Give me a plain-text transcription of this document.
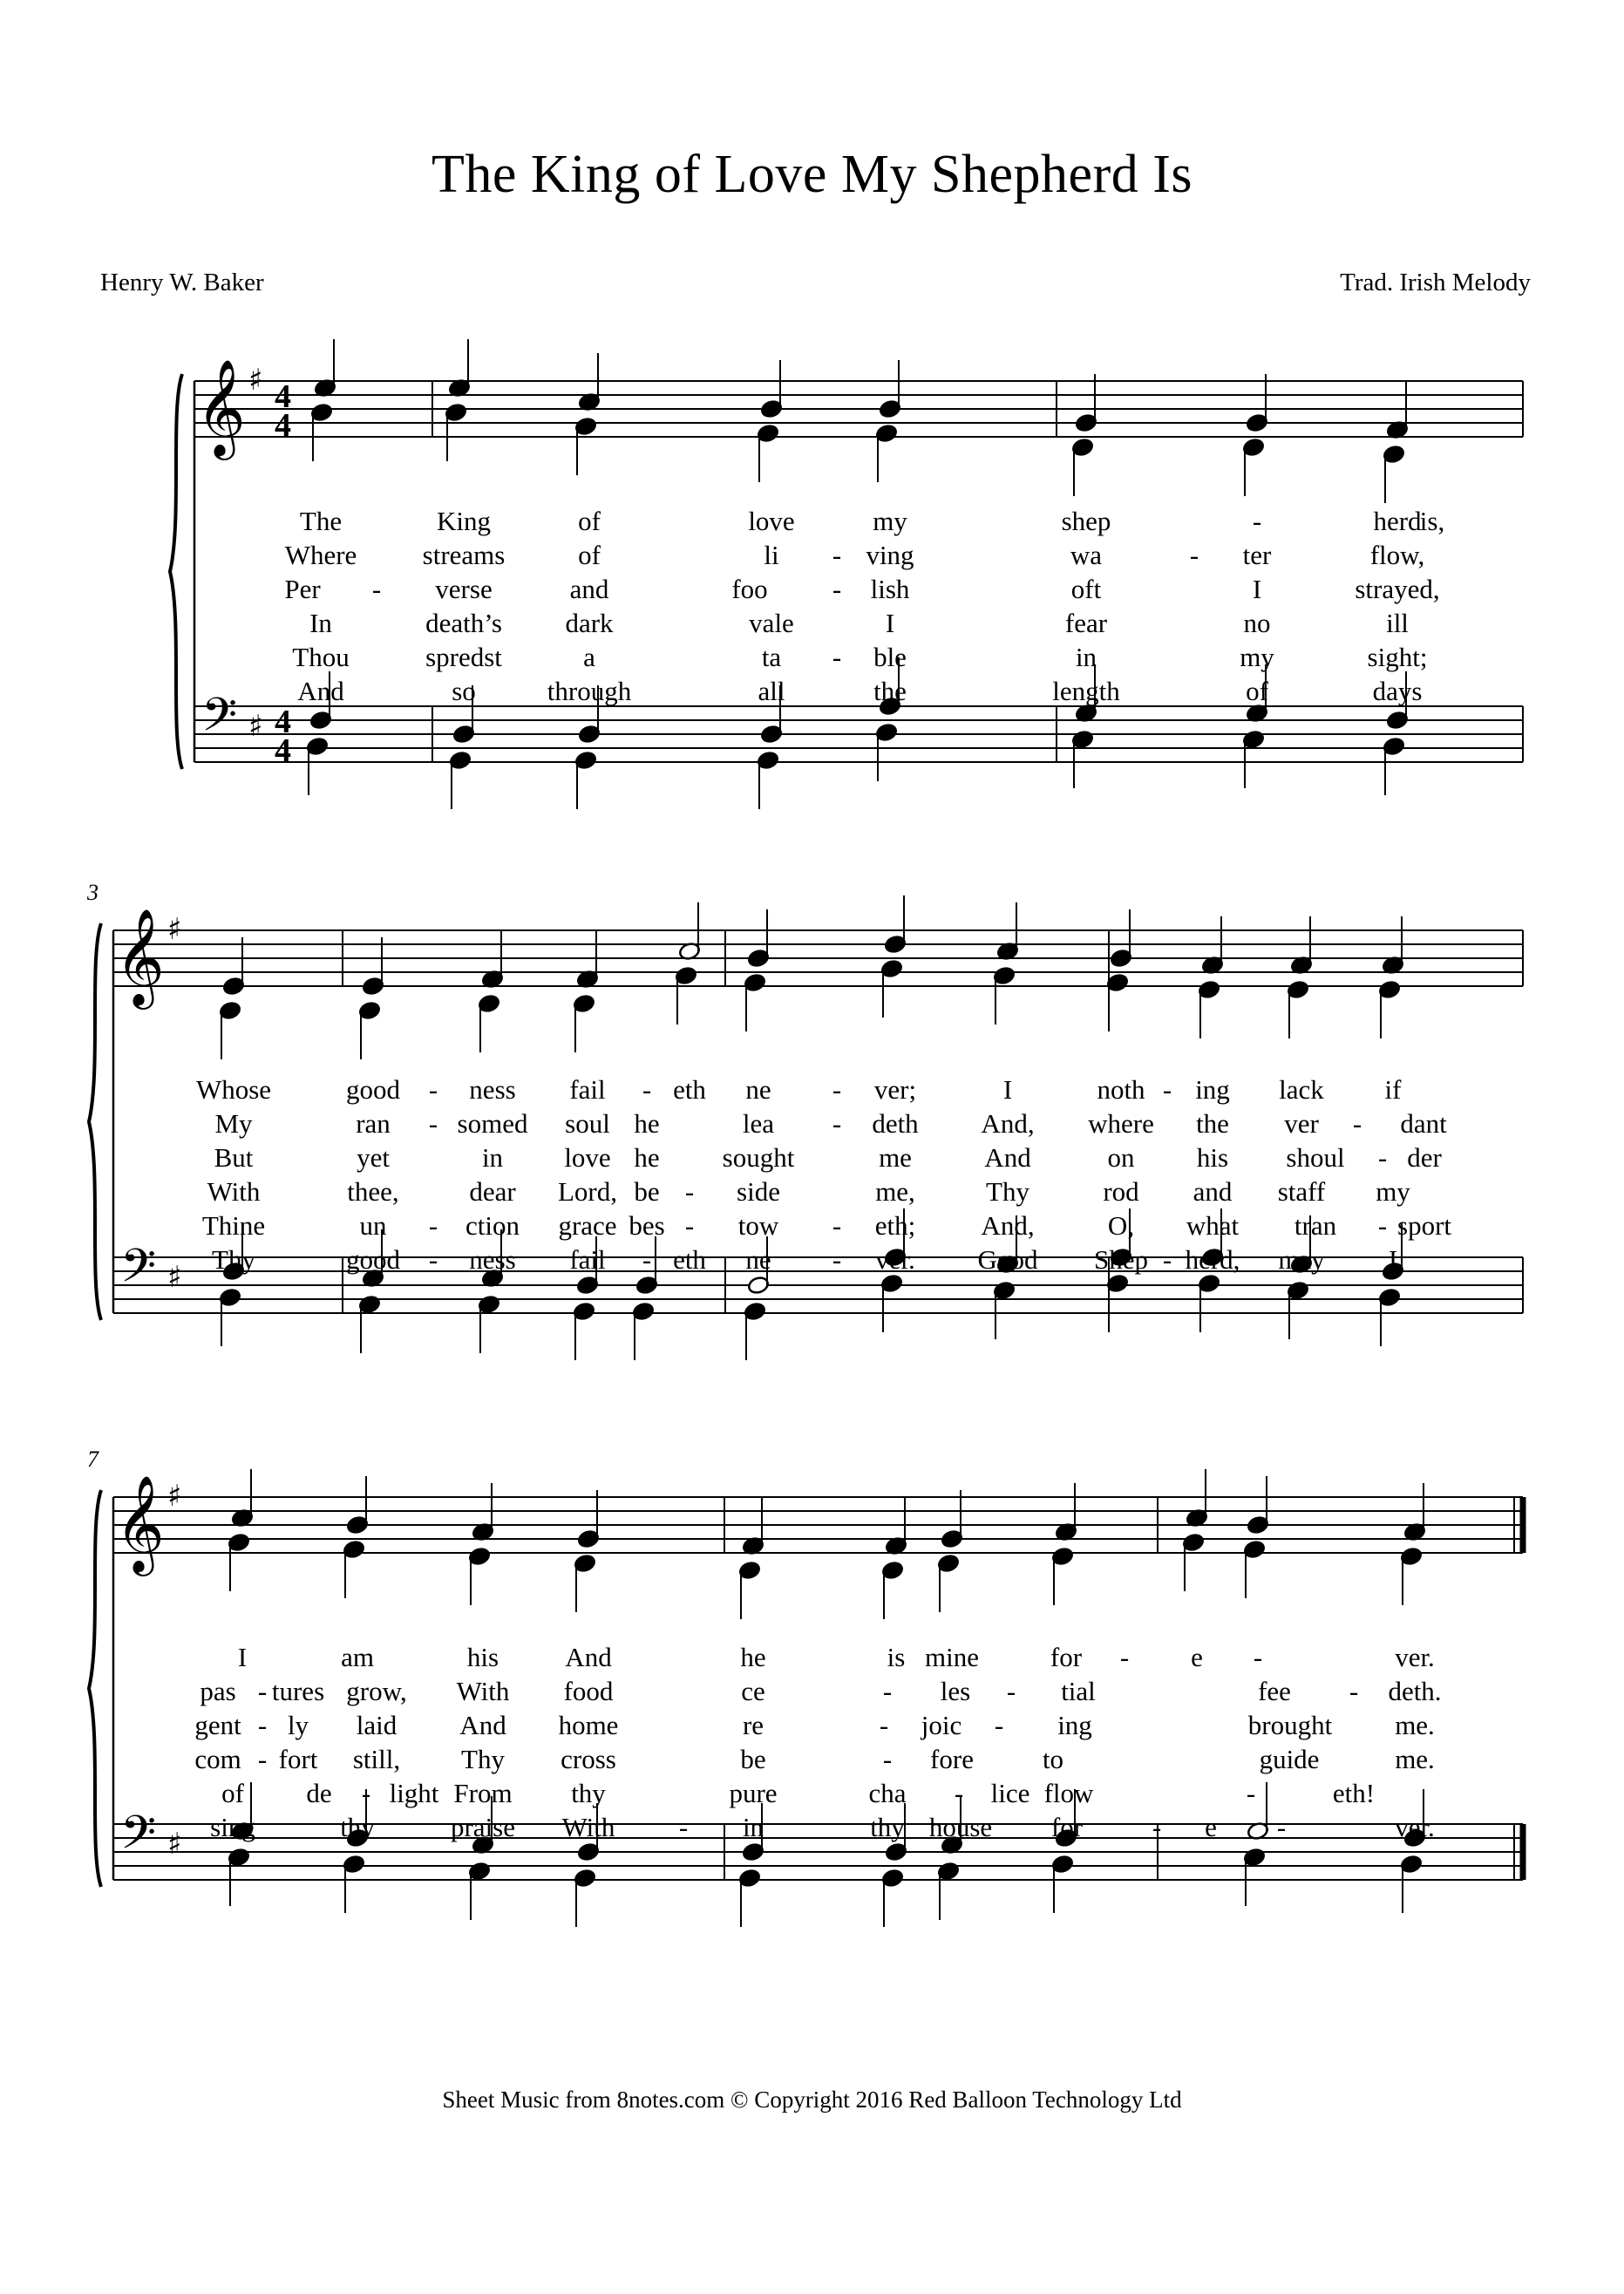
The King of Love My Shepherd Is
Henry W. Baker	Trad. Irish Melody
𝄞
𝄢
♯
♯
4
4
4
4
𝄞
𝄢
♯
♯
𝄞
𝄢
♯
♯
The	King	of	love	my	shep	-	herd
is,
Where streams	of	li - ving	wa	- ter	flow,
Per - verse	and	foo - lish	oft	I	strayed,
In	death’s dark	vale	I	fear	no	ill
Thou	spredst	a	ta - ble	in	my	sight;
And	so	through	all	the	length	of	days
3
Whose	good - ness fail - eth ne - ver;	I	noth - ing lack if
My	ran - somed soul he	lea - deth And, where the ver - dant
But	yet	in love he sought	me	And	on his shoul - der
With	thee,	dear Lord, be - side	me,	Thy	rod and staff my
Thine	un - ction grace bes - tow - eth; And,	O, what tran - sport
Thy	good - ness fail - eth ne - ver. Good Shep - herd, may I
7
I	am	his And	he	is mine	for - e -	ver.
pas - tures grow, With food	ce	- les - tial	fee - deth.
gent - ly laid And home	re	- joic - ing	brought me.
com - fort still, Thy cross	be	- fore	to	guide	me.
of de - light From thy	pure	cha - lice flow	-	eth!
sing	thy	praise With - in	thy house for	- e -	ver.
Sheet Music from 8notes.com © Copyright 2016 Red Balloon Technology Ltd
